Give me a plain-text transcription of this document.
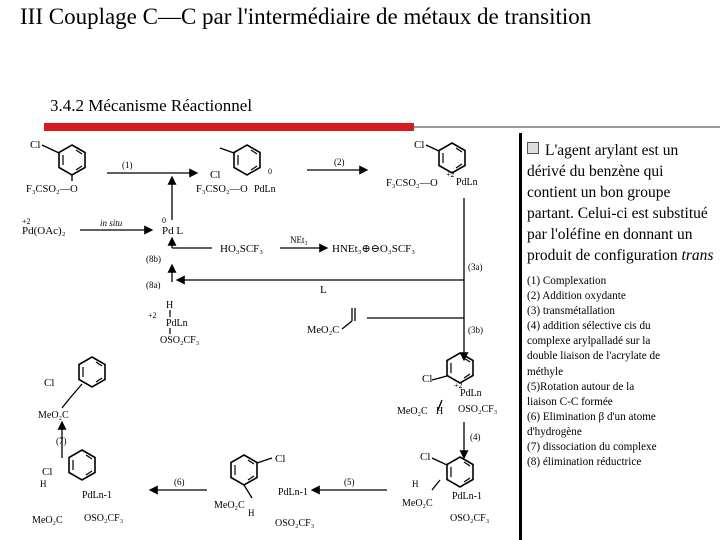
III Couplage C—C par l'intermédiaire de métaux de transition
3.4.2 Mécanisme Réactionnel
Cl
F₃CSO₂—O
(1)
Cl	0
F₃CSO₂—O PdLn
(2)
Cl
+2
F₃CSO₂—O PdLn
Pd(OAc)₂
+2	in situ
Pd L
0
HO₃SCF₃
NEt₃
HNEt₃⊕⊖O₃SCF₃
(8b)
(3a)
L
(8a)
H
+2
PdLn
OSO₂CF₃
MeO₂C	(3b)
Cl
+2
PdLn
MeO₂C H OSO₂CF₃
(4)
Cl
H
PdLn-1
MeO₂C
OSO₂CF₃
(5)
Cl
PdLn-1
MeO₂C
H
OSO₂CF₃
(6)
Cl
H
PdLn-1
MeO₂C OSO₂CF₃
(7)
Cl
MeO₂C
L'agent arylant est un dérivé du benzène qui contient un bon groupe partant. Celui-ci est substitué par l'oléfine en donnant un produit de configuration trans
(1) Complexation
(2) Addition oxydante
(3) transmétallation
(4) addition sélective cis du
complexe arylpalladé sur la
double liaison de l'acrylate de
méthyle
(5)Rotation autour de la
liaison C-C formée
(6) Elimination β d'un atome
d'hydrogène
(7) dissociation du complexe
(8) élimination réductrice
